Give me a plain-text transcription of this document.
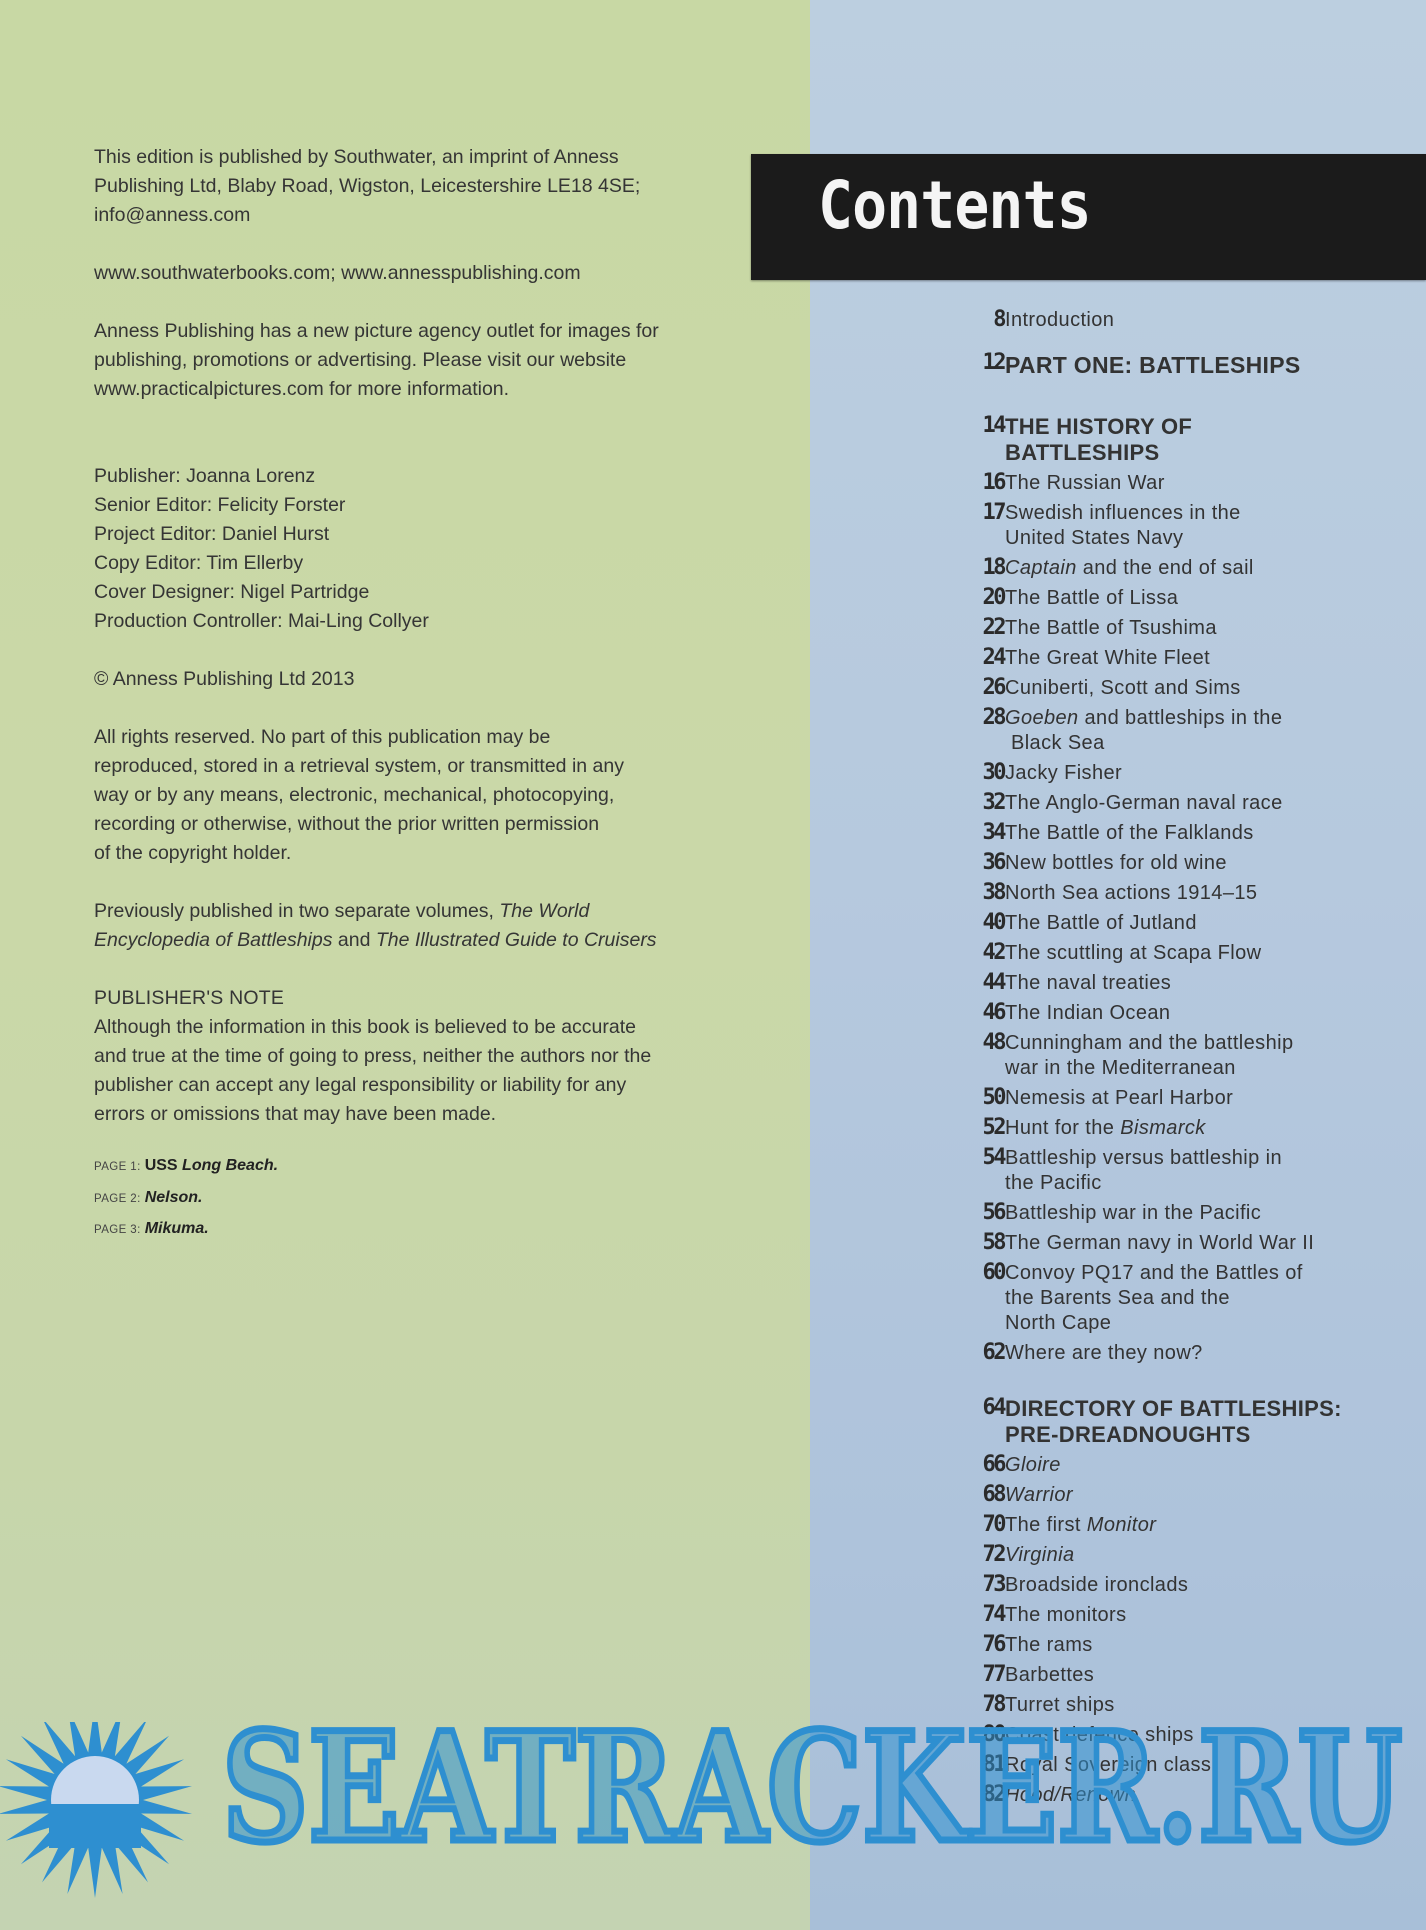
This edition is published by Southwater, an imprint of Anness

Publishing Ltd, Blaby Road, Wigston, Leicestershire LE18 4SE;

info@anness.com

www.southwaterbooks.com; www.annesspublishing.com

Anness Publishing has a new picture agency outlet for images for

publishing, promotions or advertising. Please visit our website

www.practicalpictures.com for more information.

Publisher: Joanna Lorenz

Senior Editor: Felicity Forster

Project Editor: Daniel Hurst

Copy Editor: Tim Ellerby

Cover Designer: Nigel Partridge

Production Controller: Mai-Ling Collyer

© Anness Publishing Ltd 2013

All rights reserved. No part of this publication may be

reproduced, stored in a retrieval system, or transmitted in any

way or by any means, electronic, mechanical, photocopying,

recording or otherwise, without the prior written permission

of the copyright holder.

Previously published in two separate volumes, The World

Encyclopedia of Battleships and The Illustrated Guide to Cruisers

PUBLISHER'S NOTE

Although the information in this book is believed to be accurate

and true at the time of going to press, neither the authors nor the

publisher can accept any legal responsibility or liability for any

errors or omissions that may have been made.

PAGE 1: USS Long Beach.
PAGE 2: Nelson.
PAGE 3: Mikuma.
Contents
8 Introduction
12 PART ONE: BATTLESHIPS
14 THE HISTORY OF
BATTLESHIPS
16 The Russian War
17 Swedish influences in the
United States Navy
18 Captain and the end of sail
20 The Battle of Lissa
22 The Battle of Tsushima
24 The Great White Fleet
26 Cuniberti, Scott and Sims
28 Goeben and battleships in the
Black Sea
30 Jacky Fisher
32 The Anglo-German naval race
34 The Battle of the Falklands
36 New bottles for old wine
38 North Sea actions 1914–15
40 The Battle of Jutland
42 The scuttling at Scapa Flow
44 The naval treaties
46 The Indian Ocean
48 Cunningham and the battleship
war in the Mediterranean
50 Nemesis at Pearl Harbor
52 Hunt for the Bismarck
54 Battleship versus battleship in
the Pacific
56 Battleship war in the Pacific
58 The German navy in World War II
60 Convoy PQ17 and the Battles of
the Barents Sea and the
North Cape
62 Where are they now?
64 DIRECTORY OF BATTLESHIPS:
PRE-DREADNOUGHTS
66 Gloire
68 Warrior
70 The first Monitor
72 Virginia
73 Broadside ironclads
74 The monitors
76 The rams
77 Barbettes
78 Turret ships
80 Coast defence ships
81 Royal Sovereign class
82 Hood/Renown
SEATRACKER.RU
